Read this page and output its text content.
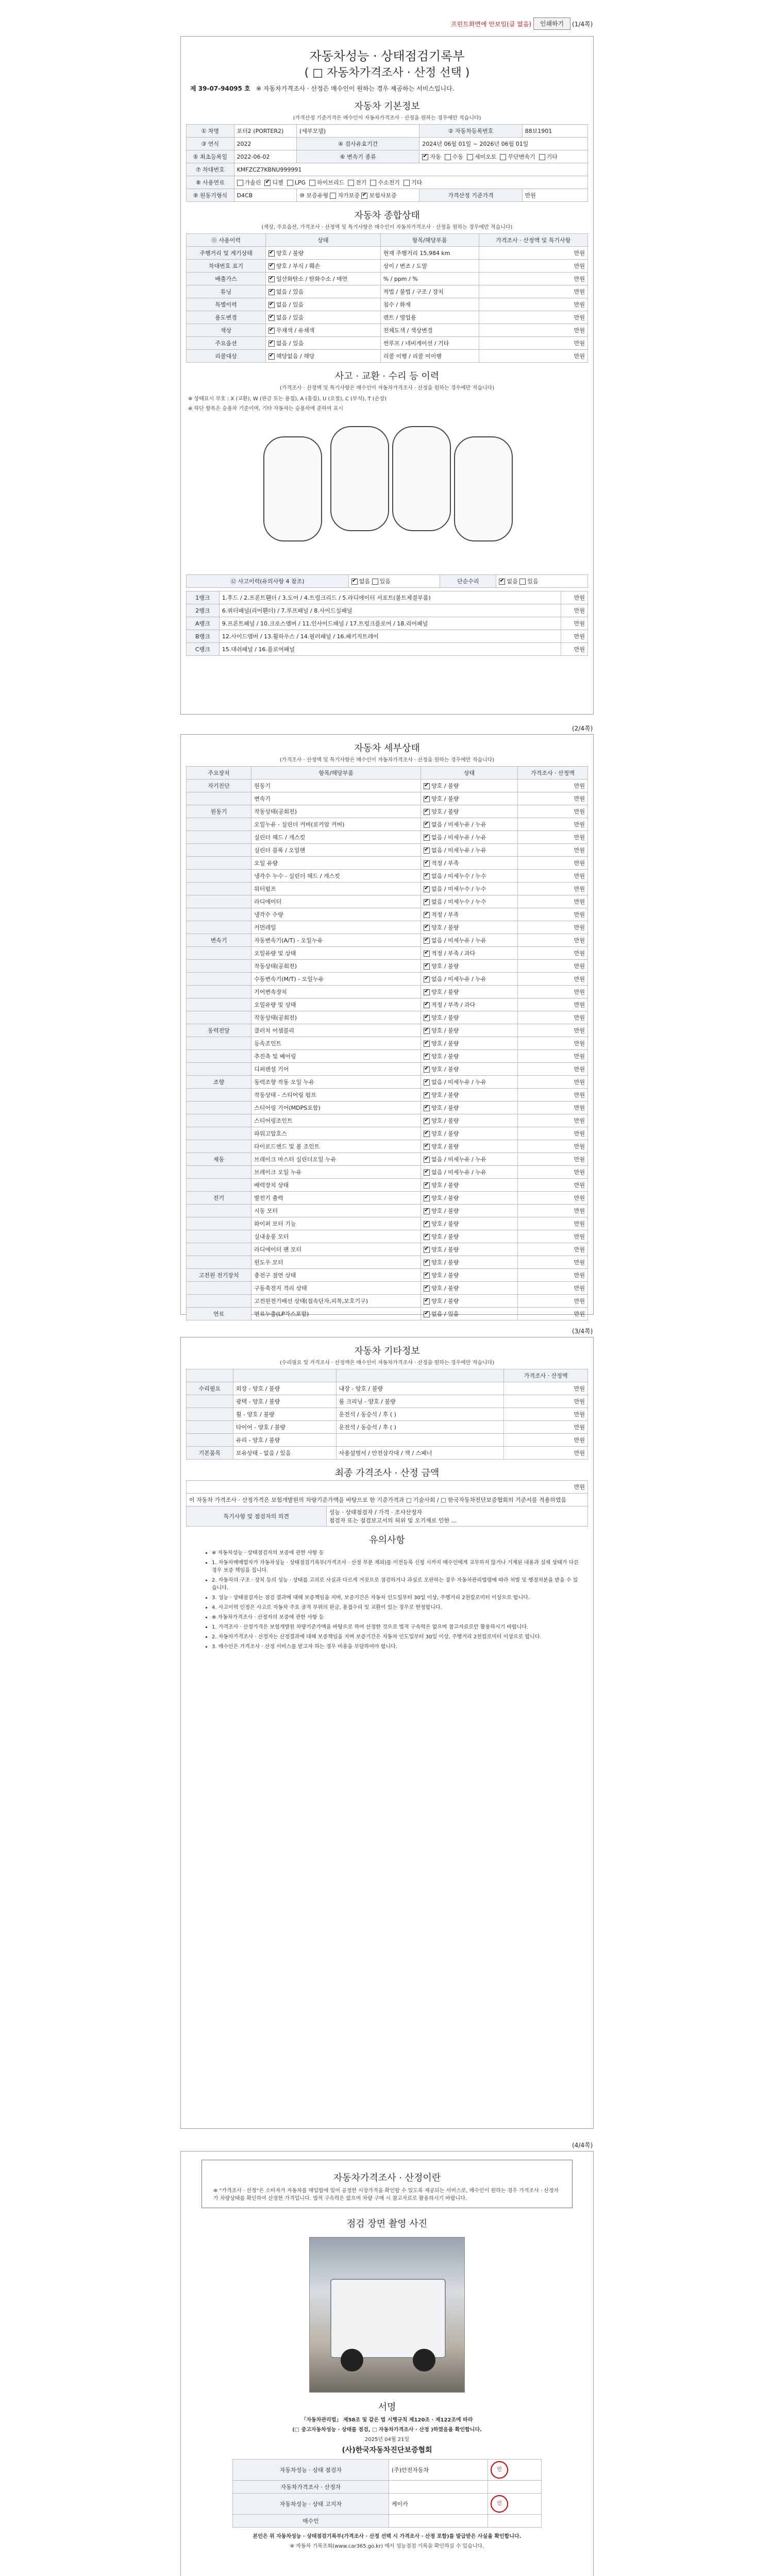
프린트화면에 안보임(클 없음)	인쇄하기	(1/4쪽)
자동차성능 · 상태점검기록부
( □ 자동차가격조사 · 산정 선택 )
제 39-07-94095 호 ※ 자동차가격조사 · 산정은 매수인이 원하는 경우 제공하는 서비스입니다.
자동차 기본정보
(가격산정 기준가격은 매수인이 자동차가격조사 · 산정을 원하는 경우에만 적습니다)
① 차명	포터2 (PORTER2)	(세부모델)	② 자동차등록번호	88보1901
③ 연식	2022	④ 검사유효기간	2024년 06월 01일 ~ 2026년 06월 01일	
⑤ 최초등록일	2022-06-02	⑥ 변속기 종류	✔자동 수동 세미오토 무단변속기 기타
⑦ 차대번호	KMFZCZ7KBNU999991			
⑧ 사용연료	가솔린 ✔ 디젤 LPG 하이브리드 전기 수소전기 기타
⑨ 원동기형식	D4CB	⑩ 보증유형 자가보증 ✔ 보험사보증	가격산정 기준가격	만원
자동차 종합상태
(색상, 주요옵션, 가격조사 · 산정액 및 특기사항은 매수인이 자동차가격조사 · 산정을 원하는 경우에만 적습니다)
⑪ 사용이력	상태	항목/해당부품	가격조사 · 산정액 및 특기사항
주행거리 및 계기상태	✔양호 / 불량	현재 주행거리 15,984 km	만원
차대번호 표기	✔양호 / 부식 / 훼손	상이 / 변조 / 도말	만원
배출가스	✔일산화탄소 / 탄화수소 / 매연	% / ppm / %	만원
튜닝	✔없음 / 있음	적법 / 불법 / 구조 / 장치	만원
특별이력	✔없음 / 있음	침수 / 화재	만원
용도변경	✔없음 / 있음	렌트 / 영업용	만원
색상	✔무채색 / 유채색	전체도색 / 색상변경	만원
주요옵션	✔없음 / 있음	썬루프 / 네비게이션 / 기타	만원
리콜대상	✔해당없음 / 해당	리콜 이행 / 리콜 미이행	만원
사고 · 교환 · 수리 등 이력
(가격조사 · 산정액 및 특기사항은 매수인이 자동차가격조사 · 산정을 원하는 경우에만 적습니다)
※ 상태표시 부호 : X (교환), W (판금 또는 용접), A (흠집), U (요철), C (부식), T (손상)
※ 하단 항목은 승용차 기준이며, 기타 자동차는 승용차에 준하여 표시
⑫ 사고이력(유의사항 4 참조)	✔없음 있음	단순수리	✔없음 있음
1랭크	1.후드 / 2.프론트휀더 / 3.도어 / 4.트렁크리드 / 5.라디에이터 서포트(볼트체결부품)	만원
2랭크	6.쿼터패널(리어휀더) / 7.루프패널 / 8.사이드실패널	만원
A랭크	9.프론트패널 / 10.크로스멤버 / 11.인사이드패널 / 17.트렁크플로어 / 18.리어패널	만원
B랭크	12.사이드멤버 / 13.휠하우스 / 14.필러패널 / 16.패키지트레이	만원
C랭크	15.대쉬패널 / 16.플로어패널	만원
(2/4쪽)
자동차 세부상태
(가격조사 · 산정액 및 특기사항은 매수인이 자동차가격조사 · 산정을 원하는 경우에만 적습니다)
주요장치	항목/해당부품	상태	가격조사 · 산정액
자기진단	원동기	✔양호 / 불량	만원
	변속기	✔양호 / 불량	만원
원동기	작동상태(공회전)	✔양호 / 불량	만원
	오일누유 - 실린더 커버(로커암 커버)	✔없음 / 미세누유 / 누유	만원
	실린더 헤드 / 개스킷	✔없음 / 미세누유 / 누유	만원
	실린더 블록 / 오일팬	✔없음 / 미세누유 / 누유	만원
	오일 유량	✔적정 / 부족	만원
	냉각수 누수 - 실린더 헤드 / 개스킷	✔없음 / 미세누수 / 누수	만원
	워터펌프	✔없음 / 미세누수 / 누수	만원
	라디에이터	✔없음 / 미세누수 / 누수	만원
	냉각수 수량	✔적정 / 부족	만원
	커먼레일	✔양호 / 불량	만원
변속기	자동변속기(A/T) - 오일누유	✔없음 / 미세누유 / 누유	만원
	오일유량 및 상태	✔적정 / 부족 / 과다	만원
	작동상태(공회전)	✔양호 / 불량	만원
	수동변속기(M/T) - 오일누유	✔없음 / 미세누유 / 누유	만원
	기어변속장치	✔양호 / 불량	만원
	오일유량 및 상태	✔적정 / 부족 / 과다	만원
	작동상태(공회전)	✔양호 / 불량	만원
동력전달	클러치 어셈블리	✔양호 / 불량	만원
	등속조인트	✔양호 / 불량	만원
	추진축 및 베어링	✔양호 / 불량	만원
	디퍼렌셜 기어	✔양호 / 불량	만원
조향	동력조향 작동 오일 누유	✔없음 / 미세누유 / 누유	만원
	작동상태 - 스티어링 펌프	✔양호 / 불량	만원
	스티어링 기어(MDPS포함)	✔양호 / 불량	만원
	스티어링조인트	✔양호 / 불량	만원
	파워고압호스	✔양호 / 불량	만원
	타이로드엔드 및 볼 조인트	✔양호 / 불량	만원
제동	브레이크 마스터 실린더오일 누유	✔없음 / 미세누유 / 누유	만원
	브레이크 오일 누유	✔없음 / 미세누유 / 누유	만원
	배력장치 상태	✔양호 / 불량	만원
전기	발전기 출력	✔양호 / 불량	만원
	시동 모터	✔양호 / 불량	만원
	와이퍼 모터 기능	✔양호 / 불량	만원
	실내송풍 모터	✔양호 / 불량	만원
	라디에이터 팬 모터	✔양호 / 불량	만원
	윈도우 모터	✔양호 / 불량	만원
고전원 전기장치	충전구 절연 상태	✔양호 / 불량	만원
	구동축전지 격리 상태	✔양호 / 불량	만원
	고전원전기배선 상태(접속단자,피복,보호기구)	✔양호 / 불량	만원
연료	연료누출(LP가스포함)	✔없음 / 있음	만원
(3/4쪽)
자동차 기타정보
(수리필요 및 가격조사 · 산정액은 매수인이 자동차가격조사 · 산정을 원하는 경우에만 적습니다)
			가격조사 · 산정액
수리필요	외장 - 양호 / 불량	내장 - 양호 / 불량	만원
	광택 - 양호 / 불량	룸 크리닝 - 양호 / 불량	만원
	휠 - 양호 / 불량	운전석 / 동승석 / 후 ( )	만원
	타이어 - 양호 / 불량	운전석 / 동승석 / 후 ( )	만원
	유리 - 양호 / 불량		만원
기본품목	보유상태 - 없음 / 있음	사용설명서 / 안전삼각대 / 잭 / 스패너	만원
최종 가격조사 · 산정 금액
만원
이 자동차 가격조사 · 산정가격은 보험개발원의 차량기준가액을 바탕으로 한 기준가격과 □ 기술사회 / □ 한국자동차진단보증협회의 기준서를 적용하였음
특기사항 및 점검자의 의견	
성능 · 상태점검자 / 가격 · 조사산정자
점검자 또는 점검보고서의 허위 및 오기재로 인한 ...
유의사항
• ※ 자동차성능 · 상태점검자의 보증에 관한 사항 등
• 1. 자동차매매업자가 자동차성능 · 상태점검기록부(가격조사 · 산정 부분 제외)를 이전등록 신청 시까지 매수인에게 교부하지 않거나 기재된 내용과 실제 상태가 다른 경우 보증 책임을 집니다.
• 2. 자동차의 구조 · 장치 등의 성능 · 상태를 고의로 사실과 다르게 거짓으로 점검하거나 과실로 오판하는 경우 자동차관리법령에 따라 처벌 및 행정처분을 받을 수 있습니다.
• 3. 성능 · 상태점검자는 점검 결과에 대해 보증책임을 지며, 보증기간은 자동차 인도일부터 30일 이상, 주행거리 2천킬로미터 이상으로 합니다.
• 4. 사고이력 인정은 사고로 자동차 주요 골격 부위의 판금, 용접수리 및 교환이 있는 경우로 한정합니다.
• ※ 자동차가격조사 · 산정자의 보증에 관한 사항 등
• 1. 가격조사 · 산정가격은 보험개발원 차량기준가액을 바탕으로 하여 산정한 것으로 법적 구속력은 없으며 참고자료로만 활용하시기 바랍니다.
• 2. 자동차가격조사 · 산정자는 산정결과에 대해 보증책임을 지며 보증기간은 자동차 인도일부터 30일 이상, 주행거리 2천킬로미터 이상으로 합니다.
• 3. 매수인은 가격조사 · 산정 서비스를 받고자 하는 경우 비용을 부담하여야 합니다.
(4/4쪽)
자동차가격조사 · 산정이란
※ "가격조사 · 산정"은 소비자가 자동차를 매입함에 있어 공정한 시장가격을 확인할 수 있도록 제공되는 서비스로, 매수인이 원하는 경우 가격조사 · 산정자가 차량상태를 확인하여 산정한 가격입니다. 법적 구속력은 없으며 차량 구매 시 참고자료로 활용하시기 바랍니다.
점검 장면 촬영 사진
서명
「자동차관리법」 제58조 및 같은 법 시행규칙 제120조 · 제122조에 따라
(□ 중고자동차성능 · 상태를 점검, □ 자동차가격조사 · 산정 )하였음을 확인합니다.
2025년 04월 21일
(사)한국자동차진단보증협회
자동차성능 · 상태 점검자	(주)안전자동차	인
자동차가격조사 · 산정자		
자동차성능 · 상태 고지자	케이카	인
매수인		
본인은 위 자동차성능 · 상태점검기록부(가격조사 · 산정 선택 시 가격조사 · 산정 포함)를 발급받은 사실을 확인합니다.
※ 자동차 기록조회(www.car365.go.kr) 에서 성능점검 기록을 확인하실 수 있습니다.
